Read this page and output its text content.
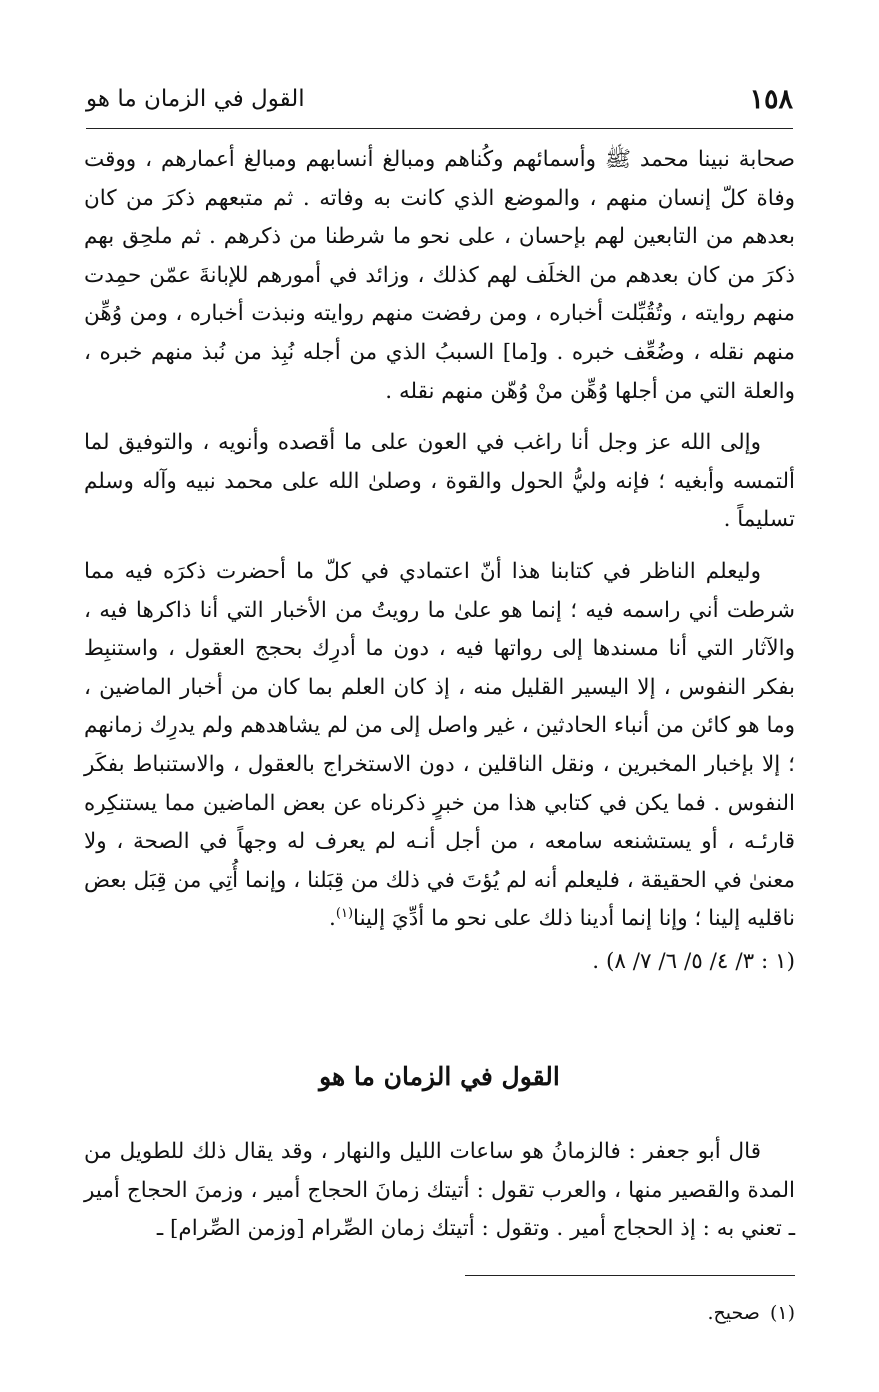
١٥٨
القول في الزمان ما هو

صحابة نبينا محمد ﷺ وأسمائهم وكُناهم ومبالغ أنسابهم ومبالغ أعمارهم ، ووقت وفاة كلّ إنسان منهم ، والموضع الذي كانت به وفاته . ثم متبعهم ذكرَ من كان بعدهم من التابعين لهم بإحسان ، على نحو ما شرطنا من ذكرهم . ثم ملحِق بهم ذكرَ من كان بعدهم من الخلَف لهم كذلك ، وزائد في أمورهم للإبانةَ عمّن حمِدت منهم روايته ، وتُقُبِّلت أخباره ، ومن رفضت منهم روايته ونبذت أخباره ، ومن وُهِّن منهم نقله ، وضُعِّف خبره . و[ما] السببُ الذي من أجله نُبِذ من نُبذ منهم خبره ، والعلة التي من أجلها وُهِّن منْ وُهّن منهم نقله .

وإلى الله عز وجل أنا راغب في العون على ما أقصده وأنويه ، والتوفيق لما ألتمسه وأبغيه ؛ فإنه وليُّ الحول والقوة ، وصلىٰ الله على محمد نبيه وآله وسلم تسليماً .

وليعلم الناظر في كتابنا هذا أنّ اعتمادي في كلّ ما أحضرت ذكرَه فيه مما شرطت أني راسمه فيه ؛ إنما هو علىٰ ما رويتُ من الأخبار التي أنا ذاكرها فيه ، والآثار التي أنا مسندها إلى رواتها فيه ، دون ما أدرِك بحجج العقول ، واستنبِط بفكر النفوس ، إلا اليسير القليل منه ، إذ كان العلم بما كان من أخبار الماضين ، وما هو كائن من أنباء الحادثين ، غير واصل إلى من لم يشاهدهم ولم يدرِك زمانهم ؛ إلا بإخبار المخبرين ، ونقل الناقلين ، دون الاستخراج بالعقول ، والاستنباط بفكَر النفوس . فما يكن في كتابي هذا من خبرٍ ذكرناه عن بعض الماضين مما يستنكِره قارئـه ، أو يستشنعه سامعه ، من أجل أنـه لم يعرف له وجهاً في الصحة ، ولا معنىٰ في الحقيقة ، فليعلم أنه لم يُؤتَ في ذلك من قِبَلنا ، وإنما أُتِي من قِبَل بعض ناقليه إلينا ؛ وإنا إنما أدينا ذلك على نحو ما أدِّيَ إلينا$^{(١)}$.

(١ : ٣/ ٤/ ٥/ ٦/ ٧/ ٨) .

القول في الزمان ما هو

قال أبو جعفر : فالزمانُ هو ساعات الليل والنهار ، وقد يقال ذلك للطويل من المدة والقصير منها ، والعرب تقول : أتيتك زمانَ الحجاج أمير ، وزمنَ الحجاج أمير ـ تعني به : إذ الحجاج أمير . وتقول : أتيتك زمان الصِّرام [وزمن الصِّرام] ـ

(١)صحيح.
